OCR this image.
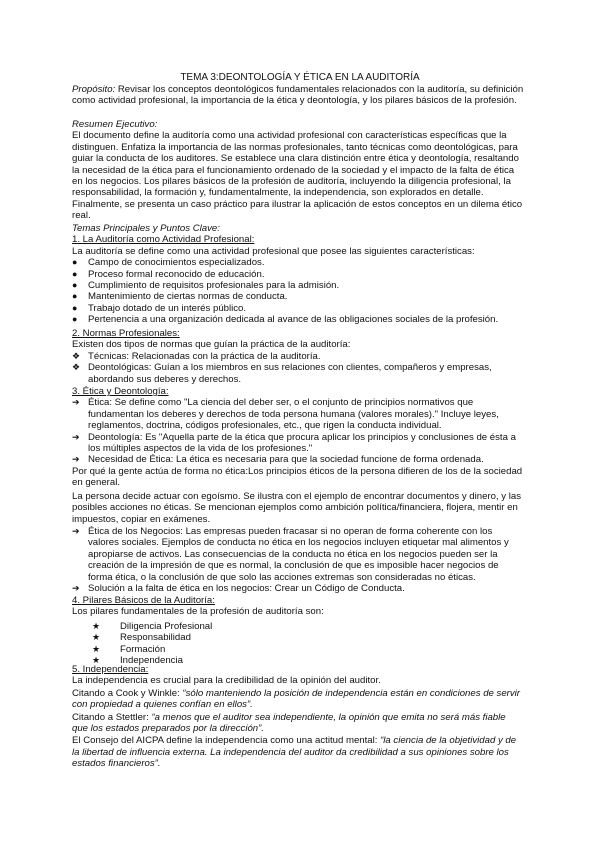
TEMA 3:DEONTOLOGÍA Y ÉTICA EN LA AUDITORÍA

Propósito: Revisar los conceptos deontológicos fundamentales relacionados con la auditoría, su definición como actividad profesional, la importancia de la ética y deontología, y los pilares básicos de la profesión.

Resumen Ejecutivo:

El documento define la auditoría como una actividad profesional con características específicas que la distinguen. Enfatiza la importancia de las normas profesionales, tanto técnicas como deontológicas, para guiar la conducta de los auditores. Se establece una clara distinción entre ética y deontología, resaltando la necesidad de la ética para el funcionamiento ordenado de la sociedad y el impacto de la falta de ética en los negocios. Los pilares básicos de la profesión de auditoría, incluyendo la diligencia profesional, la responsabilidad, la formación y, fundamentalmente, la independencia, son explorados en detalle. Finalmente, se presenta un caso práctico para ilustrar la aplicación de estos conceptos en un dilema ético real.

Temas Principales y Puntos Clave:

1. La Auditoría como Actividad Profesional:

La auditoría se define como una actividad profesional que posee las siguientes características:

●	Campo de conocimientos especializados.
●	Proceso formal reconocido de educación.
●	Cumplimiento de requisitos profesionales para la admisión.
●	Mantenimiento de ciertas normas de conducta.
●	Trabajo dotado de un interés público.
●	Pertenencia a una organización dedicada al avance de las obligaciones sociales de la profesión.

2. Normas Profesionales:

Existen dos tipos de normas que guían la práctica de la auditoría:

❖ Técnicas: Relacionadas con la práctica de la auditoría.
❖ Deontológicas: Guían a los miembros en sus relaciones con clientes, compañeros y empresas, abordando sus deberes y derechos.

3. Ética y Deontología:

➔ Ética: Se define como "La ciencia del deber ser, o el conjunto de principios normativos que fundamentan los deberes y derechos de toda persona humana (valores morales)." Incluye leyes, reglamentos, doctrina, códigos profesionales, etc., que rigen la conducta individual.
➔ Deontología: Es "Aquella parte de la ética que procura aplicar los principios y conclusiones de ésta a los múltiples aspectos de la vida de los profesiones."
➔ Necesidad de Ética: La ética es necesaria para que la sociedad funcione de forma ordenada.

Por qué la gente actúa de forma no ética:Los principios éticos de la persona difieren de los de la sociedad en general.

La persona decide actuar con egoísmo. Se ilustra con el ejemplo de encontrar documentos y dinero, y las posibles acciones no éticas. Se mencionan ejemplos como ambición política/financiera, flojera, mentir en impuestos, copiar en exámenes.

➔ Ética de los Negocios: Las empresas pueden fracasar si no operan de forma coherente con los valores sociales. Ejemplos de conducta no ética en los negocios incluyen etiquetar mal alimentos y apropiarse de activos. Las consecuencias de la conducta no ética en los negocios pueden ser la creación de la impresión de que es normal, la conclusión de que es imposible hacer negocios de forma ética, o la conclusión de que solo las acciones extremas son consideradas no éticas.
➔ Solución a la falta de ética en los negocios: Crear un Código de Conducta.

4. Pilares Básicos de la Auditoría:

Los pilares fundamentales de la profesión de auditoría son:

★	Diligencia Profesional
★	Responsabilidad
★	Formación
★	Independencia

5. Independencia:

La independencia es crucial para la credibilidad de la opinión del auditor.

Citando a Cook y Winkle: “sólo manteniendo la posición de independencia están en condiciones de servir con propiedad a quienes confían en ellos”.

Citando a Stettler: “a menos que el auditor sea independiente, la opinión que emita no será más fiable que los estados preparados por la dirección”.

El Consejo del AICPA define la independencia como una actitud mental: “la ciencia de la objetividad y de la libertad de influencia externa. La independencia del auditor da credibilidad a sus opiniones sobre los estados financieros”.
